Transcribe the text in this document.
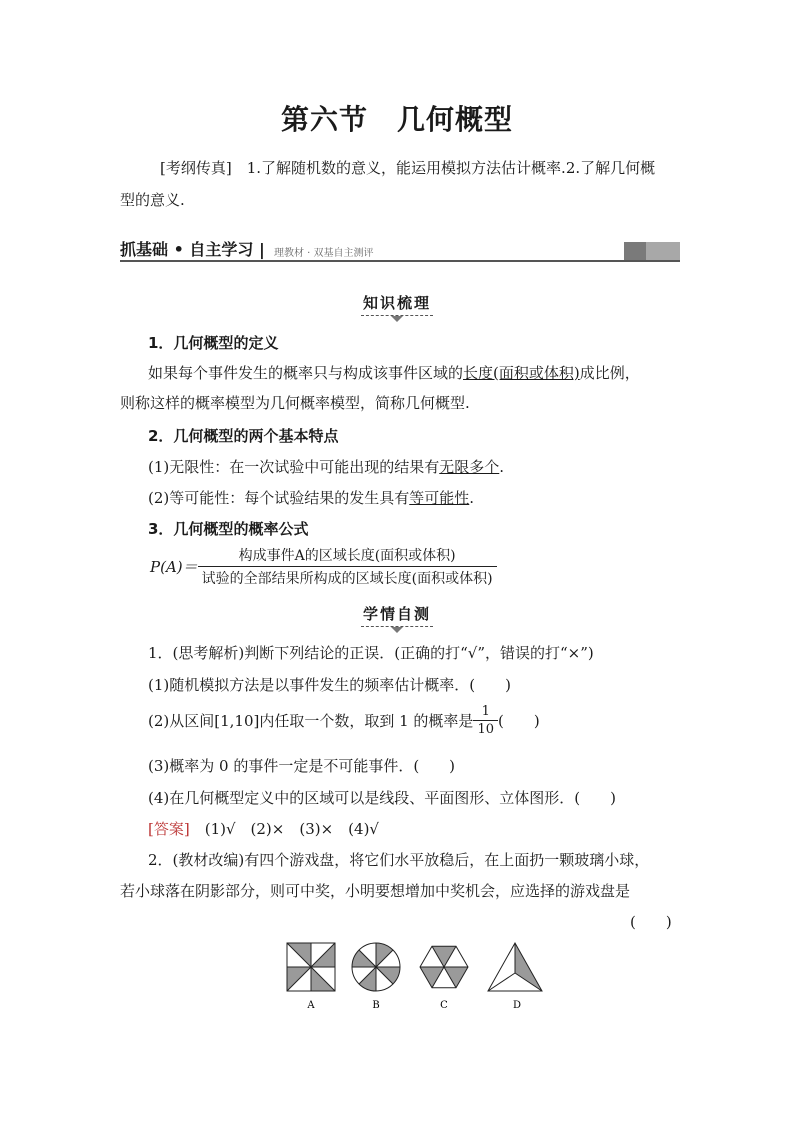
第六节　几何概型
[考纲传真]　 1.了解随机数的意义，能运用模拟方法估计概率.2.了解几何概
型的意义.
抓基础 • 自主学习 | 理教材 · 双基自主测评
知识梳理
1．几何概型的定义
如果每个事件发生的概率只与构成该事件区域的长度(面积或体积)成比例，
则称这样的概率模型为几何概率模型，简称几何概型.
2．几何概型的两个基本特点
(1)无限性：在一次试验中可能出现的结果有无限多个.
(2)等可能性：每个试验结果的发生具有等可能性.
3．几何概型的概率公式
$P(A)= \frac{\text{构成事件A的区域长度(面积或体积)}}{\text{试验的全部结果所构成的区域长度(面积或体积)}}$
学情自测
1．(思考解析)判断下列结论的正误．(正确的打“√”，错误的打“×”)
(1)随机模拟方法是以事件发生的频率估计概率．(　　)
(2)从区间[1,10]内任取一个数，取到 1 的概率是 $\frac{1}{10}$ (　　)
(3)概率为 0 的事件一定是不可能事件．(　　)
(4)在几何概型定义中的区域可以是线段、平面图形、立体图形．(　　)
[答案]　 (1)√　(2)×　(3)×　(4)√
2．(教材改编)有四个游戏盘，将它们水平放稳后，在上面扔一颗玻璃小球，
若小球落在阴影部分，则可中奖，小明要想增加中奖机会，应选择的游戏盘是
(　　)
A	B	C	D
